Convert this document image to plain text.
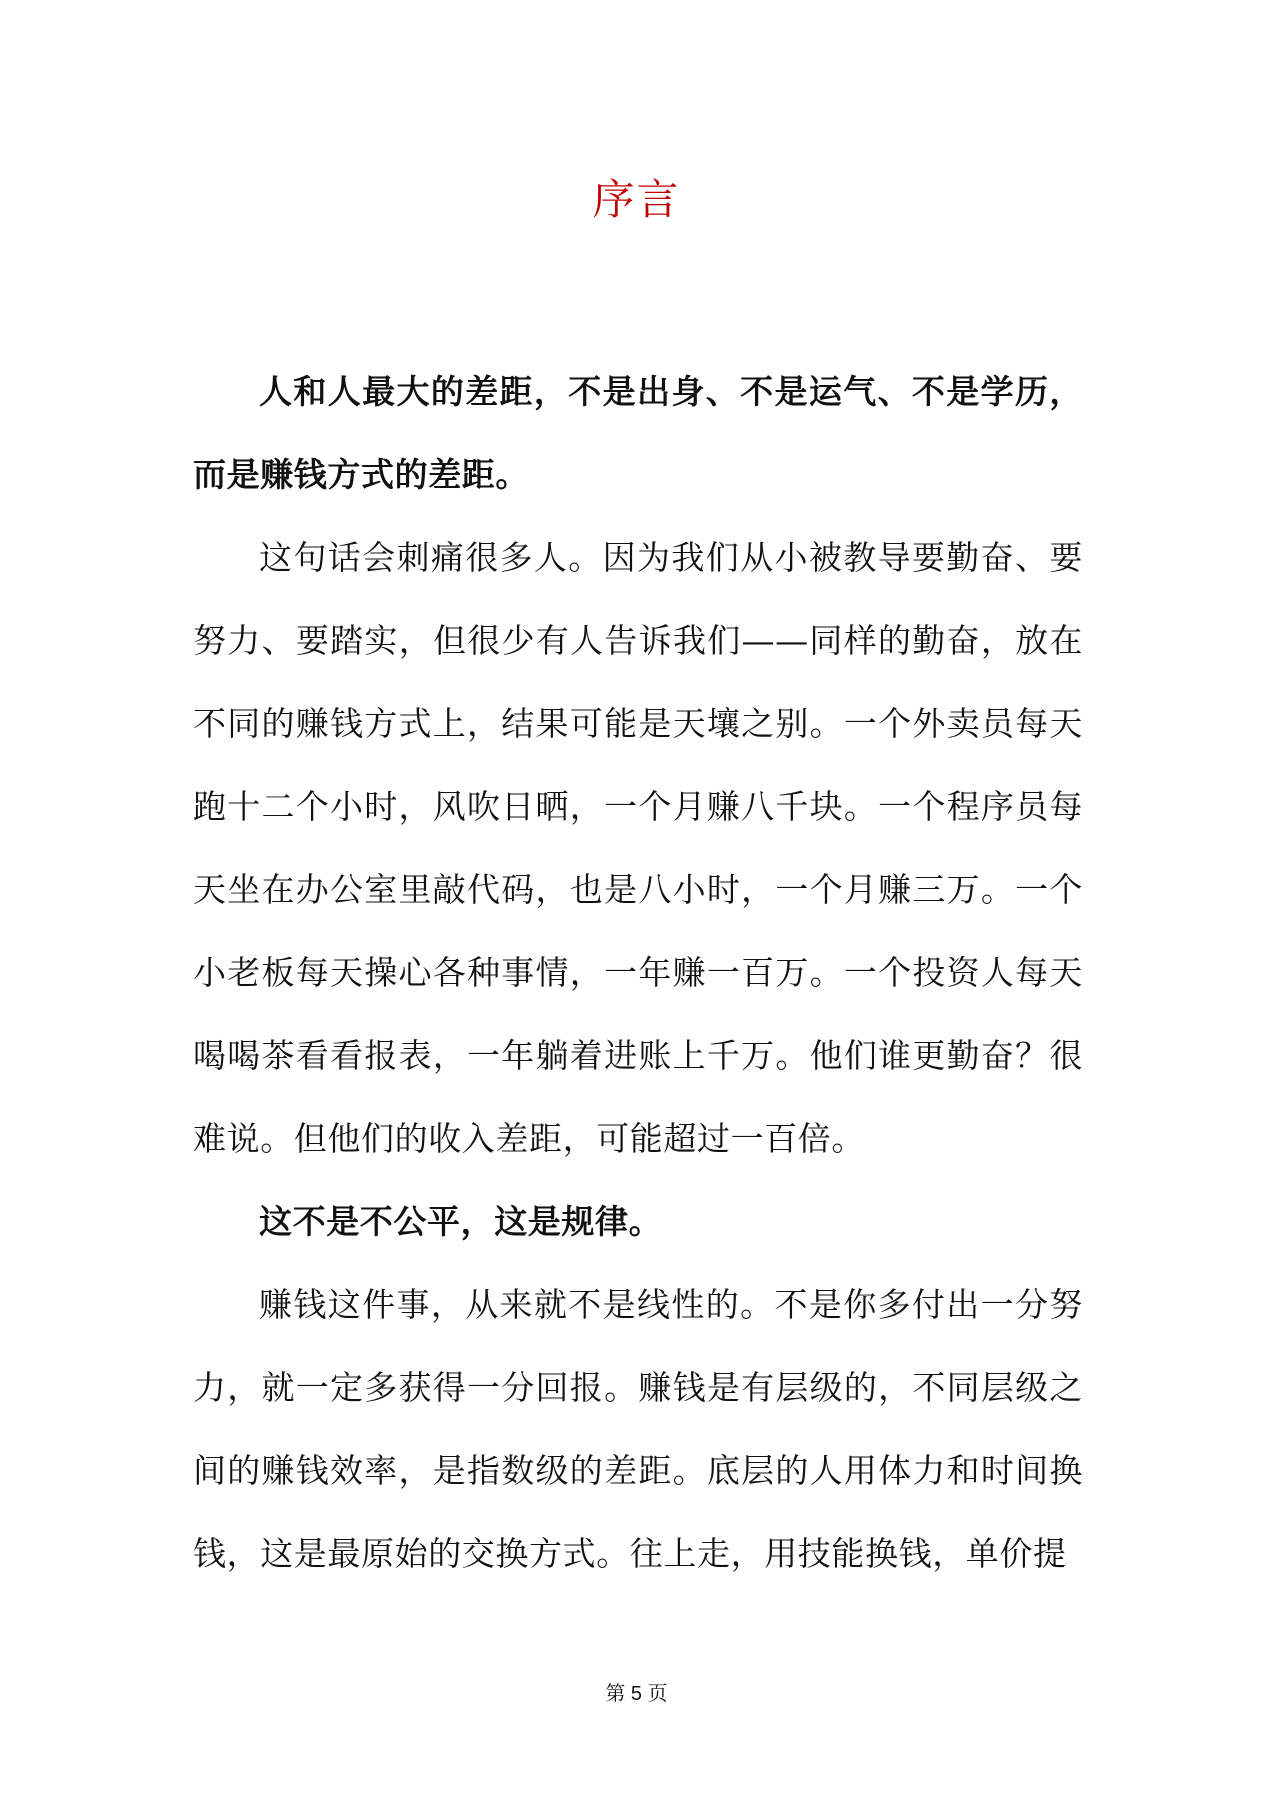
序言

人和人最大的差距，不是出身、不是运气、不是学历，而是赚钱方式的差距。

这句话会刺痛很多人。因为我们从小被教导要勤奋、要努力、要踏实，但很少有人告诉我们——同样的勤奋，放在不同的赚钱方式上，结果可能是天壤之别。一个外卖员每天跑十二个小时，风吹日晒，一个月赚八千块。一个程序员每天坐在办公室里敲代码，也是八小时，一个月赚三万。一个小老板每天操心各种事情，一年赚一百万。一个投资人每天喝喝茶看看报表，一年躺着进账上千万。他们谁更勤奋？很难说。但他们的收入差距，可能超过一百倍。

这不是不公平，这是规律。

赚钱这件事，从来就不是线性的。不是你多付出一分努力，就一定多获得一分回报。赚钱是有层级的，不同层级之间的赚钱效率，是指数级的差距。底层的人用体力和时间换钱，这是最原始的交换方式。往上走，用技能换钱，单价提

第 5 页
